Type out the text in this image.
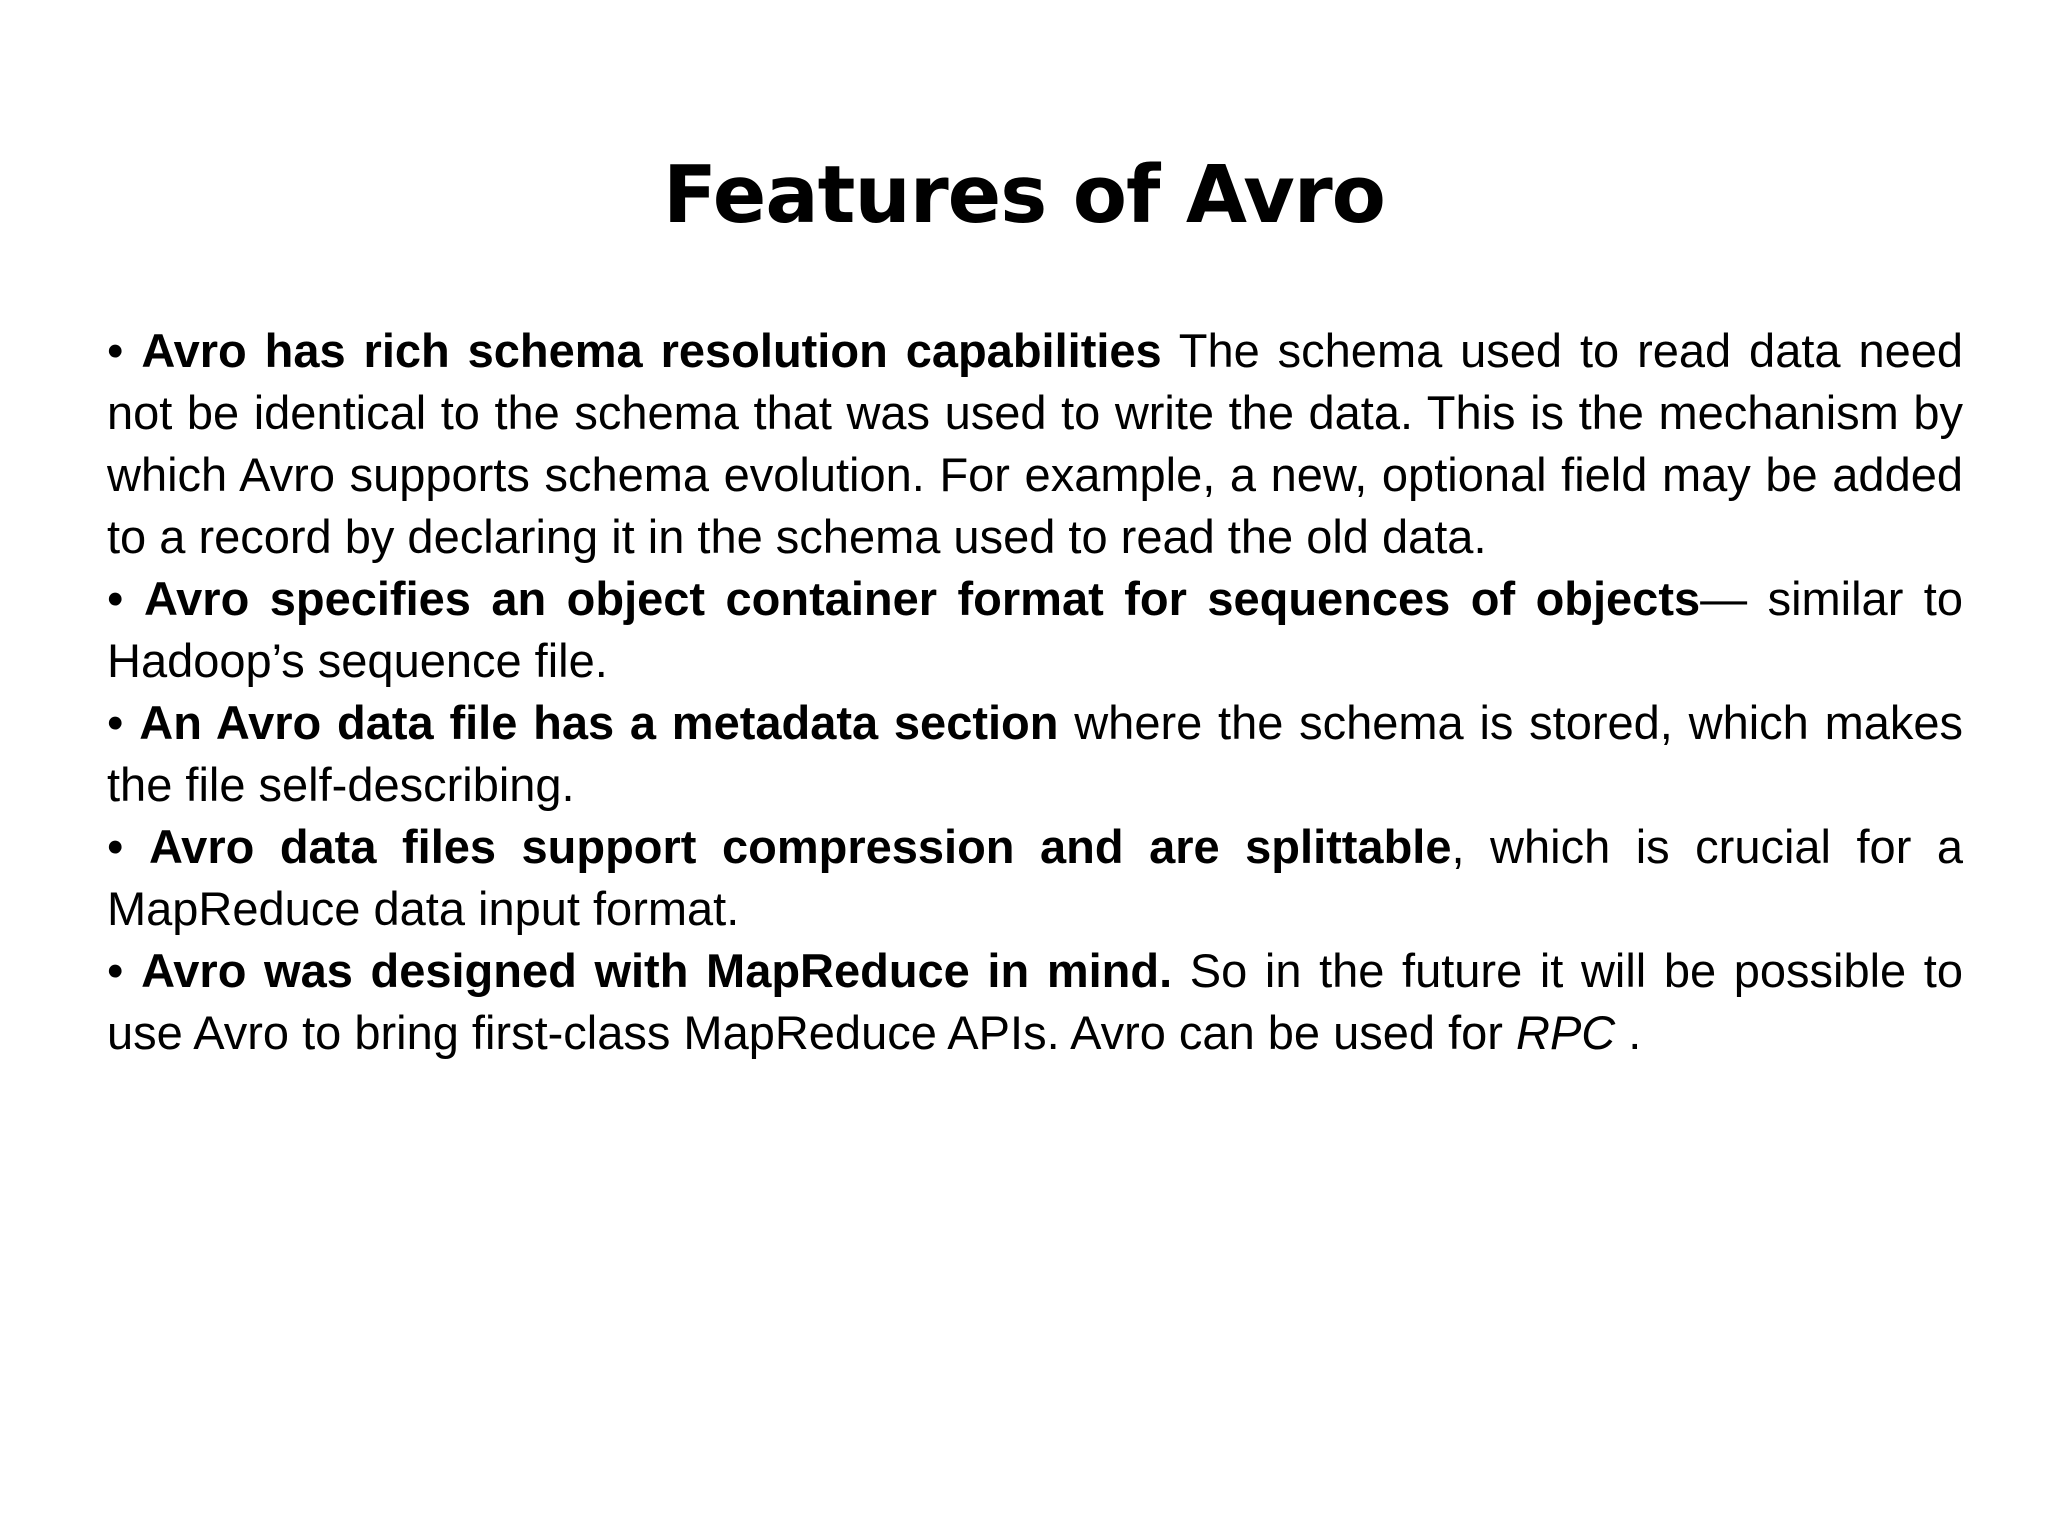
Features of Avro
• Avro has rich schema resolution capabilities The schema used to read data need not be identical to the schema that was used to write the data. This is the mechanism by which Avro supports schema evolution. For example, a new, optional field may be added to a record by declaring it in the schema used to read the old data.
• Avro specifies an object container format for sequences of objects— similar to Hadoop’s sequence file.
• An Avro data file has a metadata section where the schema is stored, which makes the file self-describing.
• Avro data files support compression and are splittable, which is crucial for a MapReduce data input format.
• Avro was designed with MapReduce in mind. So in the future it will be possible to use Avro to bring first-class MapReduce APIs. Avro can be used for RPC .
